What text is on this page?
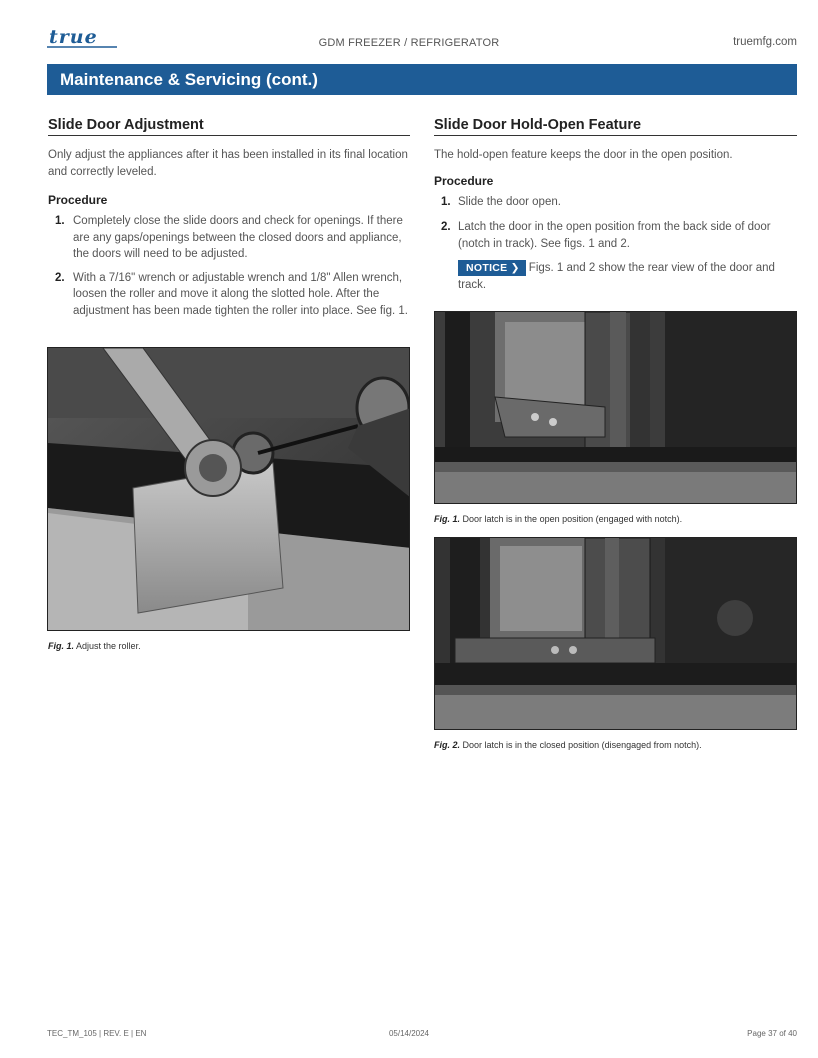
true	GDM FREEZER / REFRIGERATOR	truemfg.com
Maintenance & Servicing (cont.)
Slide Door Adjustment
Only adjust the appliances after it has been installed in its final location and correctly leveled.
Procedure
1. Completely close the slide doors and check for openings. If there are any gaps/openings between the closed doors and appliance, the doors will need to be adjusted.
2. With a 7/16" wrench or adjustable wrench and 1/8" Allen wrench, loosen the roller and move it along the slotted hole. After the adjustment has been made tighten the roller into place. See fig. 1.
Fig. 1. Adjust the roller.
Slide Door Hold-Open Feature
The hold-open feature keeps the door in the open position.
Procedure
1. Slide the door open.
2. Latch the door in the open position from the back side of door (notch in track). See figs. 1 and 2.
NOTICE ❯ Figs. 1 and 2 show the rear view of the door and track.
Fig. 1. Door latch is in the open position (engaged with notch).
Fig. 2. Door latch is in the closed position (disengaged from notch).
TEC_TM_105 | REV. E | EN	05/14/2024	Page 37 of 40
